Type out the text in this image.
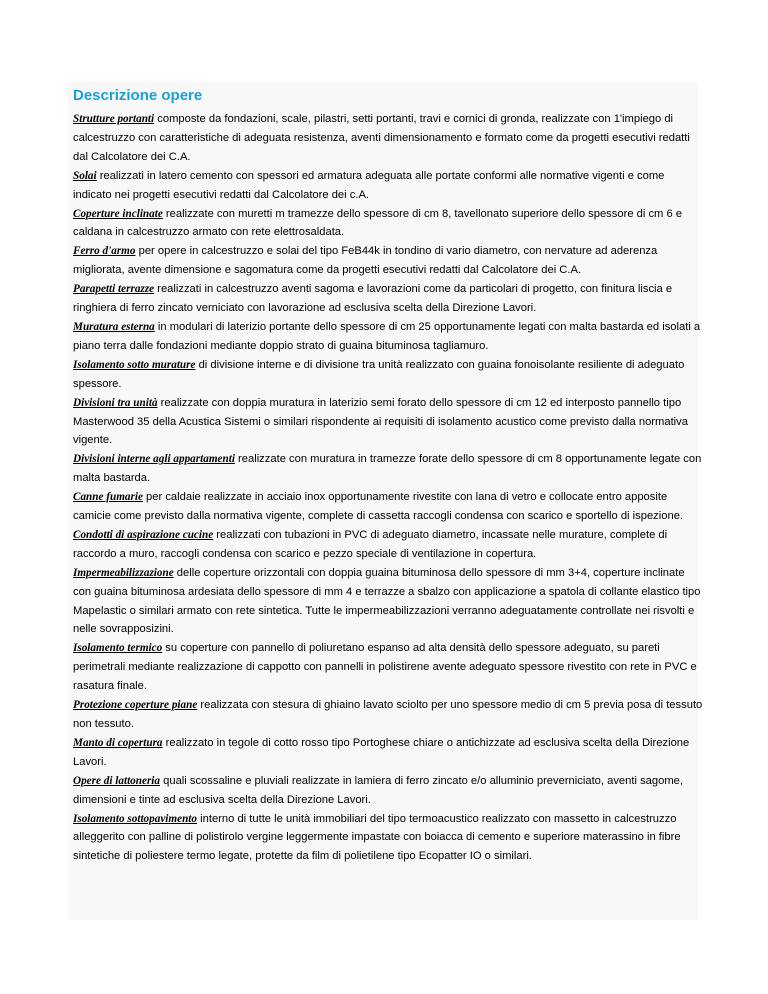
Descrizione opere

Strutture portanti composte da fondazioni, scale, pilastri, setti portanti, travi e cornici di gronda, realizzate con 1'impiego di calcestruzzo con caratteristiche di adeguata resistenza, aventi dimensionamento e formato come da progetti esecutivi redatti dal Calcolatore dei C.A.

Solai realizzati in latero cemento con spessori ed armatura adeguata alle portate conformi alle normative vigenti e come indicato nei progetti esecutivi redatti dal Calcolatore dei c.A.

Coperture inclinate realizzate con muretti m tramezze dello spessore di cm 8, tavellonato superiore dello spessore di cm 6 e caldana in calcestruzzo armato con rete elettrosaldata.

Ferro d'armo per opere in calcestruzzo e solai del tipo FeB44k in tondino di vario diametro, con nervature ad aderenza migliorata, avente dimensione e sagomatura come da progetti esecutivi redatti dal Calcolatore dei C.A.

Parapetti terrazze realizzati in calcestruzzo aventi sagoma e lavorazioni come da particolari di progetto, con finitura liscia e ringhiera di ferro zincato verniciato con lavorazione ad esclusiva scelta della Direzione Lavori.

Muratura esterna in modulari di laterizio portante dello spessore di cm 25 opportunamente legati con malta bastarda ed isolati a piano terra dalle fondazioni mediante doppio strato di guaina bituminosa tagliamuro.

Isolamento sotto murature di divisione interne e di divisione tra unità realizzato con guaina fonoisolante resiliente di adeguato spessore.

Divisioni tra unità realizzate con doppia muratura in laterizio semi forato dello spessore di cm 12 ed interposto pannello tipo Masterwood 35 della Acustica Sistemi o similari rispondente ai requisiti di isolamento acustico come previsto dalla normativa vigente.

Divisioni interne agli appartamenti realizzate con muratura in tramezze forate dello spessore di cm 8 opportunamente legate con malta bastarda.

Canne fumarie per caldaie realizzate in acciaio inox opportunamente rivestite con lana di vetro e collocate entro apposite camicie come previsto dalla normativa vigente, complete di cassetta raccogli condensa con scarico e sportello di ispezione.

Condotti di aspirazione cucine realizzati con tubazioni in PVC di adeguato diametro, incassate nelle murature, complete di raccordo a muro, raccogli condensa con scarico e pezzo speciale di ventilazione in copertura.

Impermeabilizzazione delle coperture orizzontali con doppia guaina bituminosa dello spessore di mm 3+4, coperture inclinate con guaina bituminosa ardesiata dello spessore di mm 4 e terrazze a sbalzo con applicazione a spatola di collante elastico tipo Mapelastic o similari armato con rete sintetica. Tutte le impermeabilizzazioni verranno adeguatamente controllate nei risvolti e nelle sovrapposizini.

Isolamento termico su coperture con pannello di poliuretano espanso ad alta densità dello spessore adeguato, su pareti perimetrali mediante realizzazione di cappotto con pannelli in polistirene avente adeguato spessore rivestito con rete in PVC e rasatura finale.

Protezione coperture piane realizzata con stesura di ghiaino lavato sciolto per uno spessore medio di cm 5 previa posa di tessuto non tessuto.

Manto di copertura realizzato in tegole di cotto rosso tipo Portoghese chiare o antichizzate ad esclusiva scelta della Direzione Lavori.

Opere di lattoneria quali scossaline e pluviali realizzate in lamiera di ferro zincato e/o alluminio preverniciato, aventi sagome, dimensioni e tinte ad esclusiva scelta della Direzione Lavori.

Isolamento sottopavimento interno di tutte le unità immobiliari del tipo termoacustico realizzato con massetto in calcestruzzo alleggerito con palline di polistirolo vergine leggermente impastate con boiacca di cemento e superiore materassino in fibre sintetiche di poliestere termo legate, protette da film di polietilene tipo Ecopatter IO o similari.
